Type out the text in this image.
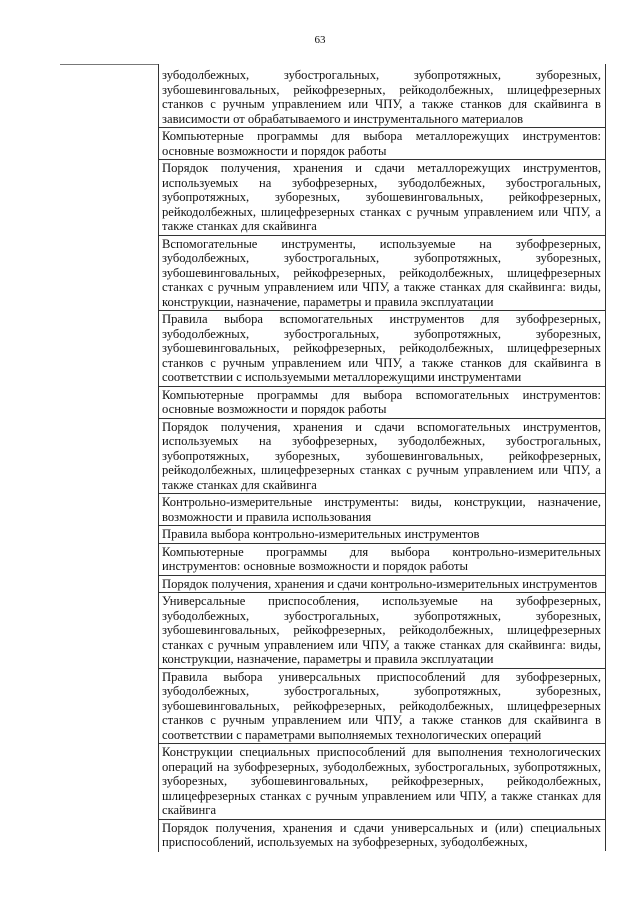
63
зубодолбежных, зубострогальных, зубопротяжных, зуборезных, зубошевинговальных, рейкофрезерных, рейкодолбежных, шлицефрезерных станков с ручным управлением или ЧПУ, а также станков для скайвинга в зависимости от обрабатываемого и инструментального материалов
Компьютерные программы для выбора металлорежущих инструментов: основные возможности и порядок работы
Порядок получения, хранения и сдачи металлорежущих инструментов, используемых на зубофрезерных, зубодолбежных, зубострогальных, зубопротяжных, зуборезных, зубошевинговальных, рейкофрезерных, рейкодолбежных, шлицефрезерных станках с ручным управлением или ЧПУ, а также станках для скайвинга
Вспомогательные инструменты, используемые на зубофрезерных, зубодолбежных, зубострогальных, зубопротяжных, зуборезных, зубошевинговальных, рейкофрезерных, рейкодолбежных, шлицефрезерных станках с ручным управлением или ЧПУ, а также станках для скайвинга: виды, конструкции, назначение, параметры и правила эксплуатации
Правила выбора вспомогательных инструментов для зубофрезерных, зубодолбежных, зубострогальных, зубопротяжных, зуборезных, зубошевинговальных, рейкофрезерных, рейкодолбежных, шлицефрезерных станков с ручным управлением или ЧПУ, а также станков для скайвинга в соответствии с используемыми металлорежущими инструментами
Компьютерные программы для выбора вспомогательных инструментов: основные возможности и порядок работы
Порядок получения, хранения и сдачи вспомогательных инструментов, используемых на зубофрезерных, зубодолбежных, зубострогальных, зубопротяжных, зуборезных, зубошевинговальных, рейкофрезерных, рейкодолбежных, шлицефрезерных станках с ручным управлением или ЧПУ, а также станках для скайвинга
Контрольно-измерительные инструменты: виды, конструкции, назначение, возможности и правила использования
Правила выбора контрольно-измерительных инструментов
Компьютерные программы для выбора контрольно-измерительных инструментов: основные возможности и порядок работы
Порядок получения, хранения и сдачи контрольно-измерительных инструментов
Универсальные приспособления, используемые на зубофрезерных, зубодолбежных, зубострогальных, зубопротяжных, зуборезных, зубошевинговальных, рейкофрезерных, рейкодолбежных, шлицефрезерных станках с ручным управлением или ЧПУ, а также станках для скайвинга: виды, конструкции, назначение, параметры и правила эксплуатации
Правила выбора универсальных приспособлений для зубофрезерных, зубодолбежных, зубострогальных, зубопротяжных, зуборезных, зубошевинговальных, рейкофрезерных, рейкодолбежных, шлицефрезерных станков с ручным управлением или ЧПУ, а также станков для скайвинга в соответствии с параметрами выполняемых технологических операций
Конструкции специальных приспособлений для выполнения технологических операций на зубофрезерных, зубодолбежных, зубострогальных, зубопротяжных, зуборезных, зубошевинговальных, рейкофрезерных, рейкодолбежных, шлицефрезерных станках с ручным управлением или ЧПУ, а также станках для скайвинга
Порядок получения, хранения и сдачи универсальных и (или) специальных приспособлений, используемых на зубофрезерных, зубодолбежных,
